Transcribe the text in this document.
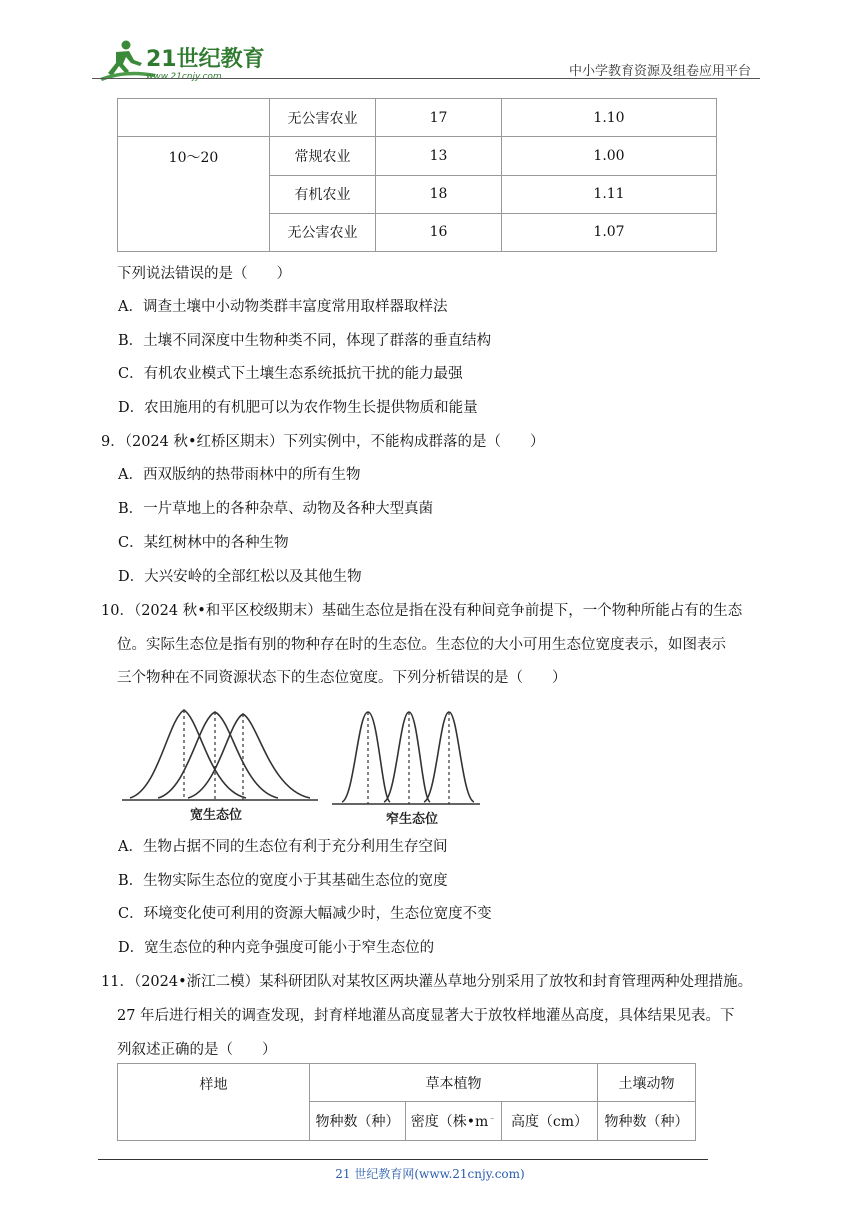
21世纪教育
www.21cnjy.com	中小学教育资源及组卷应用平台
	无公害农业	17	1.10
10～20	常规农业	13	1.00
	有机农业	18	1.11
	无公害农业	16	1.07
下列说法错误的是（　　）
A．调查土壤中小动物类群丰富度常用取样器取样法
B．土壤不同深度中生物种类不同，体现了群落的垂直结构
C．有机农业模式下土壤生态系统抵抗干扰的能力最强
D．农田施用的有机肥可以为农作物生长提供物质和能量
9．（2024 秋•红桥区期末）下列实例中，不能构成群落的是（　　）
A．西双版纳的热带雨林中的所有生物
B．一片草地上的各种杂草、动物及各种大型真菌
C．某红树林中的各种生物
D．大兴安岭的全部红松以及其他生物
10．（2024 秋•和平区校级期末）基础生态位是指在没有种间竞争前提下，一个物种所能占有的生态
位。实际生态位是指有别的物种存在时的生态位。生态位的大小可用生态位宽度表示，如图表示
三个物种在不同资源状态下的生态位宽度。下列分析错误的是（　　）
宽生态位	窄生态位
A．生物占据不同的生态位有利于充分利用生存空间
B．生物实际生态位的宽度小于其基础生态位的宽度
C．环境变化使可利用的资源大幅减少时，生态位宽度不变
D．宽生态位的种内竞争强度可能小于窄生态位的
11．（2024•浙江二模）某科研团队对某牧区两块灌丛草地分别采用了放牧和封育管理两种处理措施。
27 年后进行相关的调查发现，封育样地灌丛高度显著大于放牧样地灌丛高度，具体结果见表。下
列叙述正确的是（　　）
样地	草本植物			土壤动物
	物种数（种）	密度（株•m﹣	高度（cm）	物种数（种）
21 世纪教育网(www.21cnjy.com)
